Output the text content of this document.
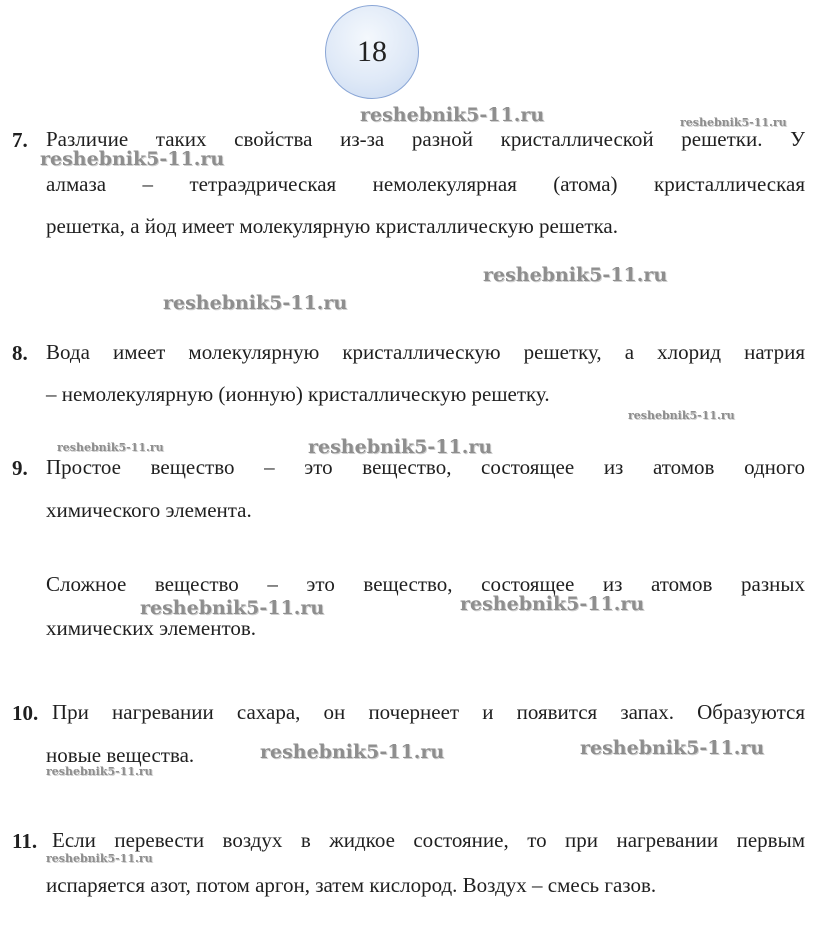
18
7. Различие таких свойства из-за разной кристаллической решетки. У
алмаза – тетраэдрическая немолекулярная (атома) кристаллическая
решетка, а йод имеет молекулярную кристаллическую решетка.
8. Вода имеет молекулярную кристаллическую решетку, а хлорид натрия
– немолекулярную (ионную) кристаллическую решетку.
9. Простое вещество – это вещество, состоящее из атомов одного
химического элемента.
Сложное вещество – это вещество, состоящее из атомов разных
химических элементов.
10. При нагревании сахара, он почернеет и появится запах. Образуются
новые вещества.
11. Если перевести воздух в жидкое состояние, то при нагревании первым
испаряется азот, потом аргон, затем кислород. Воздух – смесь газов.
reshebnik5-11.ru	reshebnik5-11.ru
reshebnik5-11.ru
reshebnik5-11.ru
reshebnik5-11.ru
reshebnik5-11.ru
reshebnik5-11.ru	reshebnik5-11.ru
reshebnik5-11.ru	reshebnik5-11.ru
reshebnik5-11.ru	reshebnik5-11.ru
reshebnik5-11.ru
reshebnik5-11.ru
